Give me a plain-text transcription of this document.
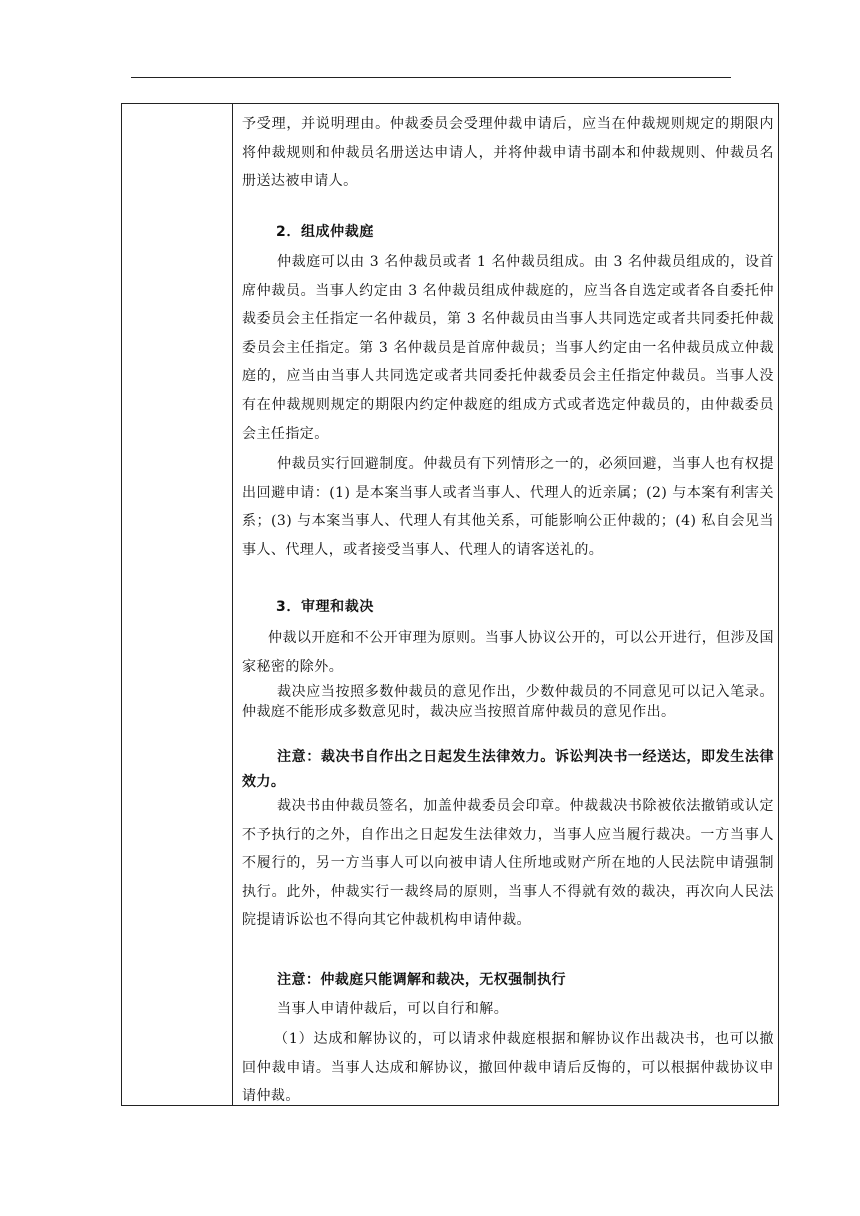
予受理，并说明理由。仲裁委员会受理仲裁申请后，应当在仲裁规则规定的期限内将仲裁规则和仲裁员名册送达申请人，并将仲裁申请书副本和仲裁规则、仲裁员名册送达被申请人。
2．组成仲裁庭
仲裁庭可以由 3 名仲裁员或者 1 名仲裁员组成。由 3 名仲裁员组成的，设首席仲裁员。当事人约定由 3 名仲裁员组成仲裁庭的，应当各自选定或者各自委托仲裁委员会主任指定一名仲裁员，第 3 名仲裁员由当事人共同选定或者共同委托仲裁委员会主任指定。第 3 名仲裁员是首席仲裁员；当事人约定由一名仲裁员成立仲裁庭的，应当由当事人共同选定或者共同委托仲裁委员会主任指定仲裁员。当事人没有在仲裁规则规定的期限内约定仲裁庭的组成方式或者选定仲裁员的，由仲裁委员会主任指定。
仲裁员实行回避制度。仲裁员有下列情形之一的，必须回避，当事人也有权提出回避申请：(1) 是本案当事人或者当事人、代理人的近亲属；(2) 与本案有利害关系；(3) 与本案当事人、代理人有其他关系，可能影响公正仲裁的；(4) 私自会见当事人、代理人，或者接受当事人、代理人的请客送礼的。
3．审理和裁决
仲裁以开庭和不公开审理为原则。当事人协议公开的，可以公开进行，但涉及国家秘密的除外。
裁决应当按照多数仲裁员的意见作出，少数仲裁员的不同意见可以记入笔录。仲裁庭不能形成多数意见时，裁决应当按照首席仲裁员的意见作出。
注意：裁决书自作出之日起发生法律效力。诉讼判决书一经送达，即发生法律效力。
裁决书由仲裁员签名，加盖仲裁委员会印章。仲裁裁决书除被依法撤销或认定不予执行的之外，自作出之日起发生法律效力，当事人应当履行裁决。一方当事人不履行的，另一方当事人可以向被申请人住所地或财产所在地的人民法院申请强制执行。此外，仲裁实行一裁终局的原则，当事人不得就有效的裁决，再次向人民法院提请诉讼也不得向其它仲裁机构申请仲裁。
注意：仲裁庭只能调解和裁决，无权强制执行
当事人申请仲裁后，可以自行和解。
（1）达成和解协议的，可以请求仲裁庭根据和解协议作出裁决书，也可以撤回仲裁申请。当事人达成和解协议，撤回仲裁申请后反悔的，可以根据仲裁协议申请仲裁。
